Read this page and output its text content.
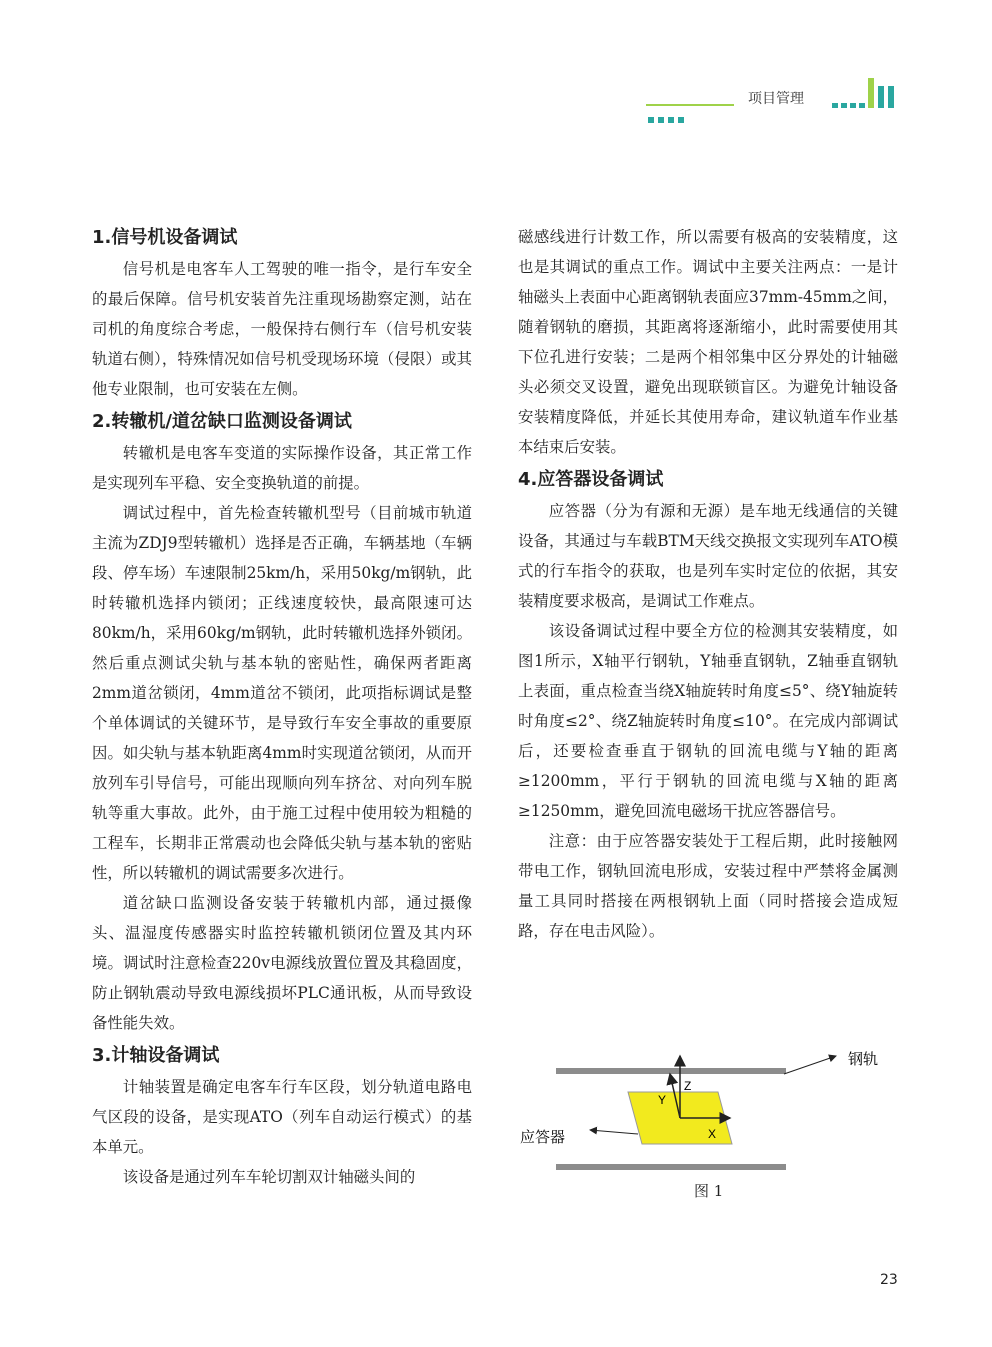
项目管理
1.信号机设备调试

信号机是电客车人工驾驶的唯一指令，是行车安全的最后保障。信号机安装首先注重现场勘察定测，站在司机的角度综合考虑，一般保持右侧行车（信号机安装轨道右侧），特殊情况如信号机受现场环境（侵限）或其他专业限制，也可安装在左侧。

2.转辙机/道岔缺口监测设备调试

转辙机是电客车变道的实际操作设备，其正常工作是实现列车平稳、安全变换轨道的前提。

调试过程中，首先检查转辙机型号（目前城市轨道主流为ZDJ9型转辙机）选择是否正确，车辆基地（车辆段、停车场）车速限制25km/h，采用50kg/m钢轨，此时转辙机选择内锁闭；正线速度较快，最高限速可达80km/h，采用60kg/m钢轨，此时转辙机选择外锁闭。然后重点测试尖轨与基本轨的密贴性，确保两者距离2mm道岔锁闭，4mm道岔不锁闭，此项指标调试是整个单体调试的关键环节，是导致行车安全事故的重要原因。如尖轨与基本轨距离4mm时实现道岔锁闭，从而开放列车引导信号，可能出现顺向列车挤岔、对向列车脱轨等重大事故。此外，由于施工过程中使用较为粗糙的工程车，长期非正常震动也会降低尖轨与基本轨的密贴性，所以转辙机的调试需要多次进行。

道岔缺口监测设备安装于转辙机内部，通过摄像头、温湿度传感器实时监控转辙机锁闭位置及其内环境。调试时注意检查220v电源线放置位置及其稳固度，防止钢轨震动导致电源线损坏PLC通讯板，从而导致设备性能失效。

3.计轴设备调试

计轴装置是确定电客车行车区段，划分轨道电路电气区段的设备，是实现ATO（列车自动运行模式）的基本单元。

该设备是通过列车车轮切割双计轴磁头间的

磁感线进行计数工作，所以需要有极高的安装精度，这也是其调试的重点工作。调试中主要关注两点：一是计轴磁头上表面中心距离钢轨表面应37mm-45mm之间，随着钢轨的磨损，其距离将逐渐缩小，此时需要使用其下位孔进行安装；二是两个相邻集中区分界处的计轴磁头必须交叉设置，避免出现联锁盲区。为避免计轴设备安装精度降低，并延长其使用寿命，建议轨道车作业基本结束后安装。

4.应答器设备调试

应答器（分为有源和无源）是车地无线通信的关键设备，其通过与车载BTM天线交换报文实现列车ATO模式的行车指令的获取，也是列车实时定位的依据，其安装精度要求极高，是调试工作难点。

该设备调试过程中要全方位的检测其安装精度，如图1所示，X轴平行钢轨，Y轴垂直钢轨，Z轴垂直钢轨上表面，重点检查当绕X轴旋转时角度≤5°、绕Y轴旋转时角度≤2°、绕Z轴旋转时角度≤10°。在完成内部调试后，还要检查垂直于钢轨的回流电缆与Y轴的距离≥1200mm，平行于钢轨的回流电缆与X轴的距离≥1250mm，避免回流电磁场干扰应答器信号。

注意：由于应答器安装处于工程后期，此时接触网带电工作，钢轨回流电形成，安装过程中严禁将金属测量工具同时搭接在两根钢轨上面（同时搭接会造成短路，存在电击风险）。

Z
Y
X
钢轨
应答器
图 1
23
